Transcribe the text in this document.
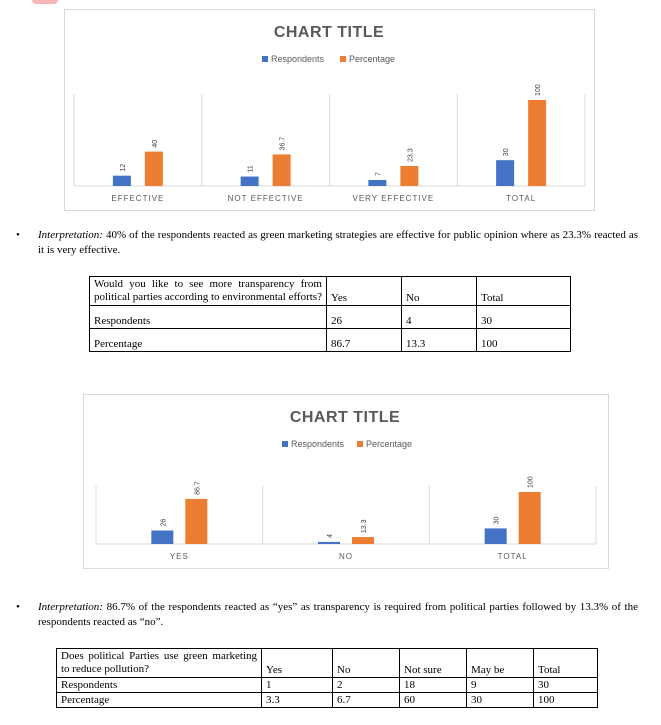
CHART TITLE
Respondents	Percentage
12
40
EFFECTIVE
11
36.7
NOT EFFECTIVE
7
23.3
VERY EFFECTIVE
30
100
TOTAL
• Interpretation: 40% of the respondents reacted as green marketing strategies are effective for public opinion where as 23.3% reacted as it is very effective.
Would you like to see more transparency from political parties according to environmental efforts?	Yes	No	Total
Respondents	26	4	30
Percentage	86.7	13.3	100
CHART TITLE
Respondents Percentage
26
86.7
YES
4
13.3
NO
30
100
TOTAL
• Interpretation: 86.7% of the respondents reacted as “yes” as transparency is required from political parties followed by 13.3% of the respondents reacted as “no”.
Does political Parties use green marketing to reduce pollution?	Yes	No	Not sure	May be	Total
Respondents	1	2	18	9	30
Percentage	3.3	6.7	60	30	100
